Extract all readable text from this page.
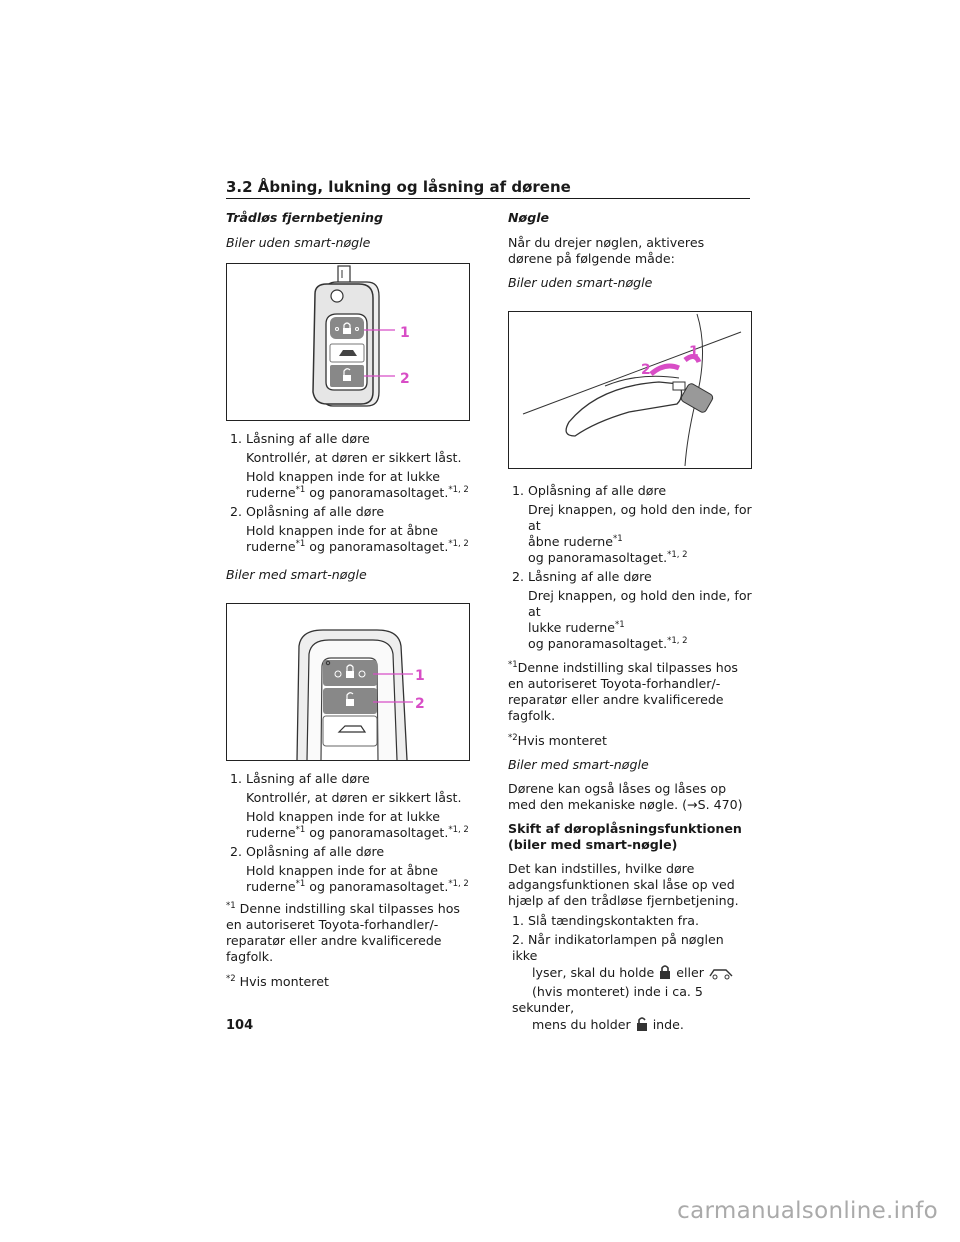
3.2 Åbning, lukning og låsning af dørene

Trådløs fjernbetjening

Biler uden smart-nøgle

1
2

1. Låsning af alle døre

Kontrollér, at døren er sikkert låst.

Hold knappen inde for at lukke
ruderne$^{*1}$ og panoramasoltaget.$^{*1, 2}$

2. Oplåsning af alle døre

Hold knappen inde for at åbne
ruderne$^{*1}$ og panoramasoltaget.$^{*1, 2}$

Biler med smart-nøgle

1
2

1. Låsning af alle døre

Kontrollér, at døren er sikkert låst.

Hold knappen inde for at lukke
ruderne$^{*1}$ og panoramasoltaget.$^{*1, 2}$

2. Oplåsning af alle døre

Hold knappen inde for at åbne
ruderne$^{*1}$ og panoramasoltaget.$^{*1, 2}$

$^{*1}$ Denne indstilling skal tilpasses hos en autoriseret Toyota-forhandler/-reparatør eller andre kvalificerede fagfolk.

$^{*2}$ Hvis monteret

Nøgle

Når du drejer nøglen, aktiveres dørene på følgende måde:

Biler uden smart-nøgle

2
1

1. Oplåsning af alle døre

Drej knappen, og hold den inde, for at
åbne ruderne$^{*1}$
og panoramasoltaget.$^{*1, 2}$

2. Låsning af alle døre

Drej knappen, og hold den inde, for at
lukke ruderne$^{*1}$
og panoramasoltaget.$^{*1, 2}$

$^{*1}$Denne indstilling skal tilpasses hos en autoriseret Toyota-forhandler/-reparatør eller andre kvalificerede fagfolk.

$^{*2}$Hvis monteret

Biler med smart-nøgle

Dørene kan også låses og låses op med den mekaniske nøgle. (→S. 470)

Skift af døroplåsningsfunktionen (biler med smart-nøgle)

Det kan indstilles, hvilke døre adgangsfunktionen skal låse op ved hjælp af den trådløse fjernbetjening.

1. Slå tændingskontakten fra.

2. Når indikatorlampen på nøglen ikke
lyser, skal du holde eller
(hvis monteret) inde i ca. 5 sekunder,
mens du holder inde.

104
carmanualsonline.info
